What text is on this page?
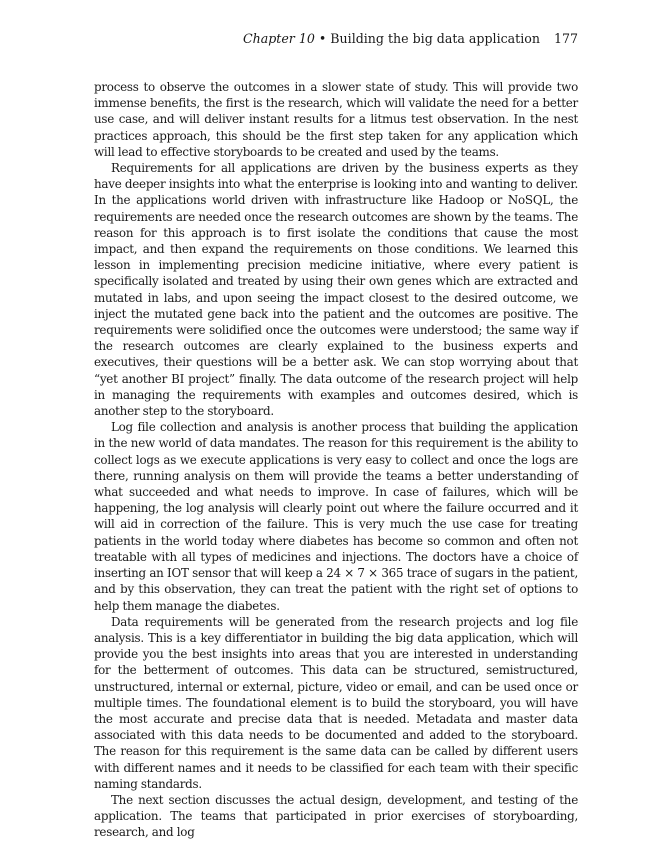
Chapter 10 • Building the big data application 177

process to observe the outcomes in a slower state of study. This will provide two immense benefits, the first is the research, which will validate the need for a better use case, and will deliver instant results for a litmus test observation. In the nest practices approach, this should be the first step taken for any application which will lead to effective storyboards to be created and used by the teams.

Requirements for all applications are driven by the business experts as they have deeper insights into what the enterprise is looking into and wanting to deliver. In the applications world driven with infrastructure like Hadoop or NoSQL, the requirements are needed once the research outcomes are shown by the teams. The reason for this approach is to first isolate the conditions that cause the most impact, and then expand the requirements on those conditions. We learned this lesson in implementing precision medicine initiative, where every patient is specifically isolated and treated by using their own genes which are extracted and mutated in labs, and upon seeing the impact closest to the desired outcome, we inject the mutated gene back into the patient and the outcomes are positive. The requirements were solidified once the outcomes were understood; the same way if the research outcomes are clearly explained to the business experts and executives, their questions will be a better ask. We can stop worrying about that “yet another BI project” finally. The data outcome of the research project will help in managing the requirements with examples and outcomes desired, which is another step to the storyboard.

Log file collection and analysis is another process that building the application in the new world of data mandates. The reason for this requirement is the ability to collect logs as we execute applications is very easy to collect and once the logs are there, running analysis on them will provide the teams a better understanding of what succeeded and what needs to improve. In case of failures, which will be happening, the log analysis will clearly point out where the failure occurred and it will aid in correction of the failure. This is very much the use case for treating patients in the world today where diabetes has become so common and often not treatable with all types of medicines and injections. The doctors have a choice of inserting an IOT sensor that will keep a 24 × 7 × 365 trace of sugars in the patient, and by this observation, they can treat the patient with the right set of options to help them manage the diabetes.

Data requirements will be generated from the research projects and log file analysis. This is a key differentiator in building the big data application, which will provide you the best insights into areas that you are interested in understanding for the betterment of outcomes. This data can be structured, semistructured, unstructured, internal or external, picture, video or email, and can be used once or multiple times. The foundational element is to build the storyboard, you will have the most accurate and precise data that is needed. Metadata and master data associated with this data needs to be documented and added to the storyboard. The reason for this requirement is the same data can be called by different users with different names and it needs to be classified for each team with their specific naming standards.

The next section discusses the actual design, development, and testing of the application. The teams that participated in prior exercises of storyboarding, research, and log
